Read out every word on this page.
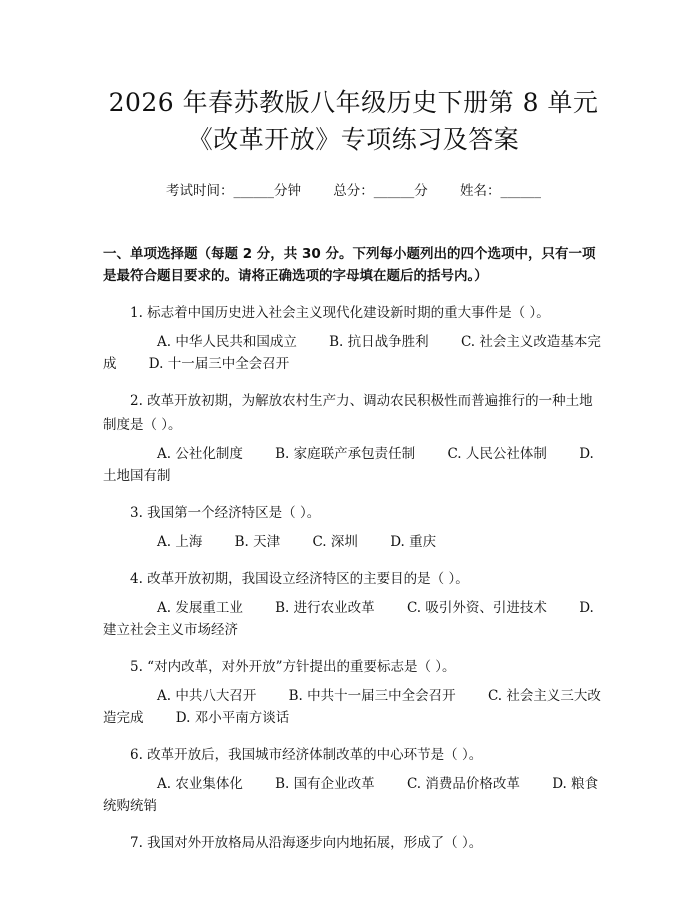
2026 年春苏教版八年级历史下册第 8 单元
《改革开放》专项练习及答案
考试时间：______分钟 总分：______分 姓名：______
一、单项选择题（每题 2 分，共 30 分。下列每小题列出的四个选项中，只有一项是最符合题目要求的。请将正确选项的字母填在题后的括号内。）
1. 标志着中国历史进入社会主义现代化建设新时期的重大事件是（ ）。
A. 中华人民共和国成立 B. 抗日战争胜利 C. 社会主义改造基本完成 D. 十一届三中全会召开
2. 改革开放初期，为解放农村生产力、调动农民积极性而普遍推行的一种土地制度是（ ）。
A. 公社化制度 B. 家庭联产承包责任制 C. 人民公社体制 D. 土地国有制
3. 我国第一个经济特区是（ ）。
A. 上海 B. 天津 C. 深圳 D. 重庆
4. 改革开放初期，我国设立经济特区的主要目的是（ ）。
A. 发展重工业 B. 进行农业改革 C. 吸引外资、引进技术 D. 建立社会主义市场经济
5. “对内改革，对外开放”方针提出的重要标志是（ ）。
A. 中共八大召开 B. 中共十一届三中全会召开 C. 社会主义三大改造完成 D. 邓小平南方谈话
6. 改革开放后，我国城市经济体制改革的中心环节是（ ）。
A. 农业集体化 B. 国有企业改革 C. 消费品价格改革 D. 粮食统购统销
7. 我国对外开放格局从沿海逐步向内地拓展，形成了（ ）。
